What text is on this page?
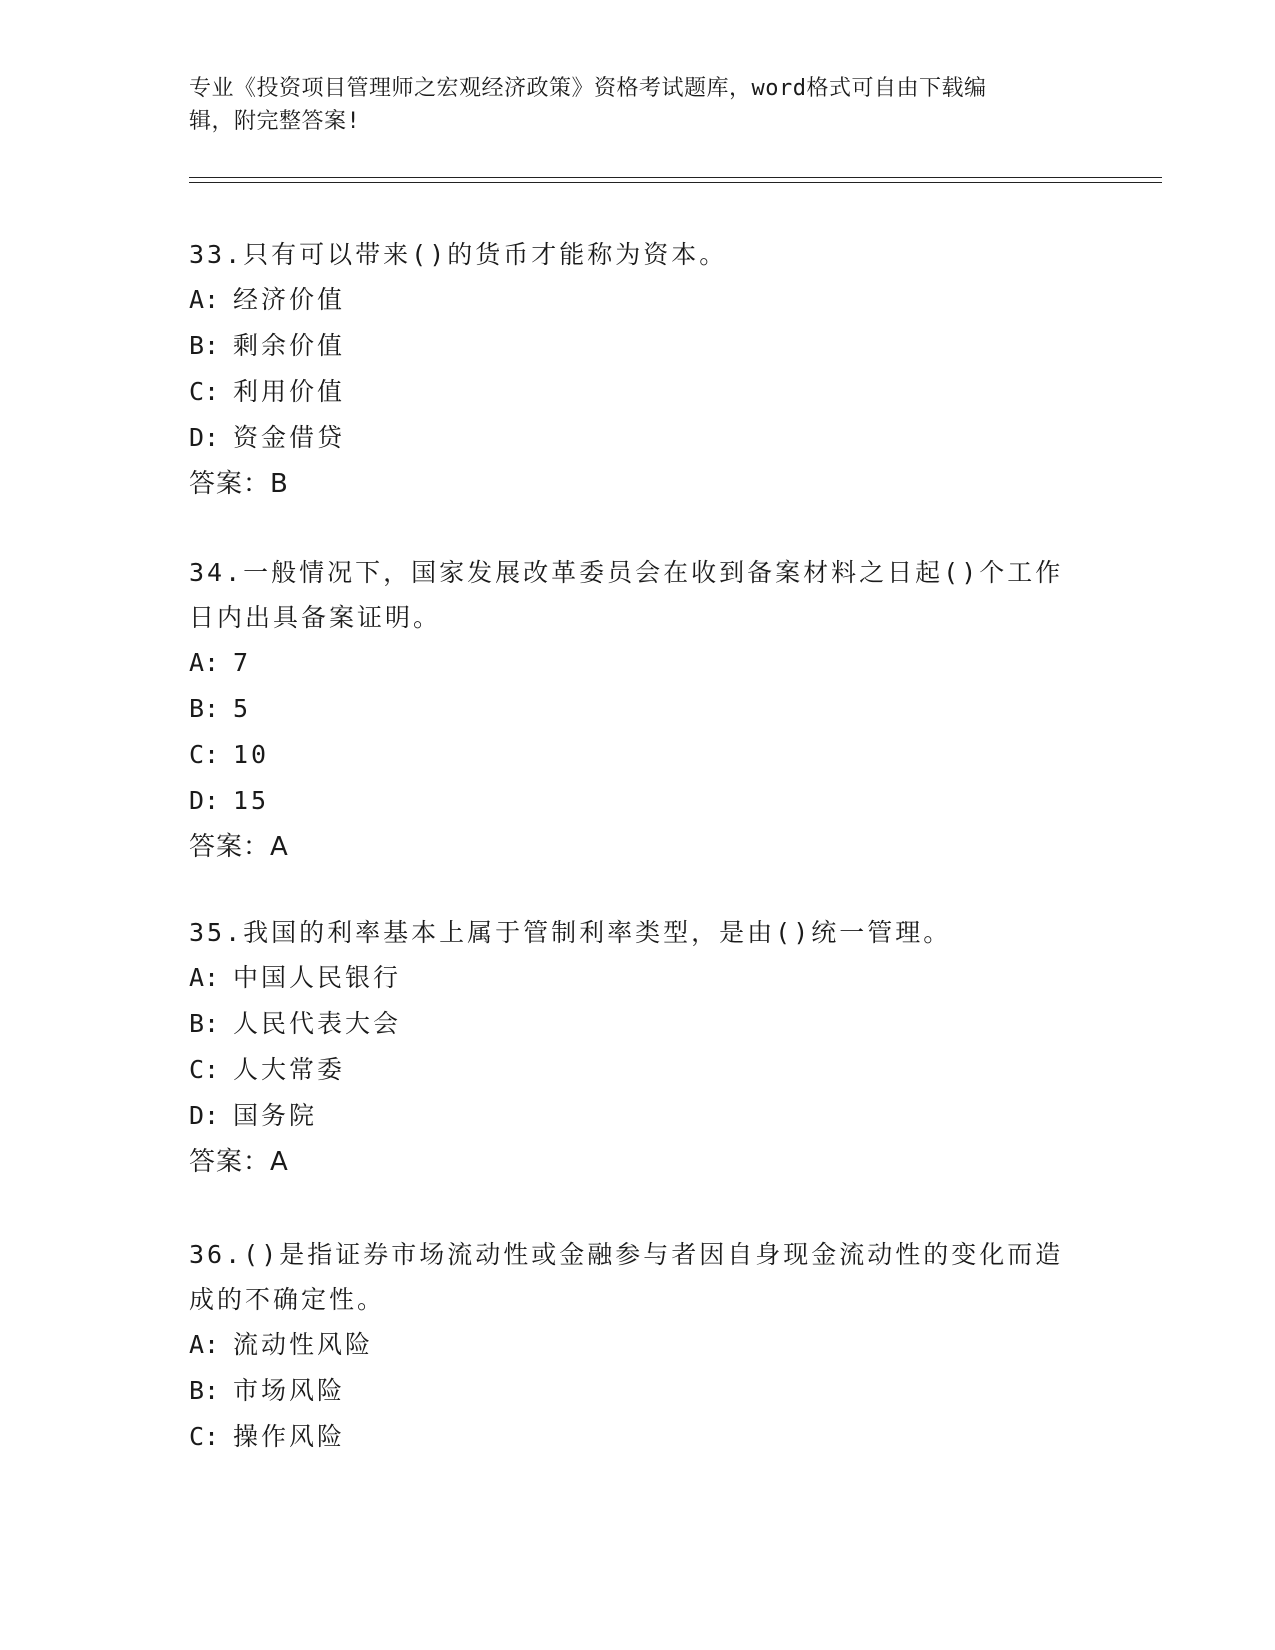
专业《投资项目管理师之宏观经济政策》资格考试题库，word格式可自由下载编
辑，附完整答案!

33.只有可以带来()的货币才能称为资本。

A: 经济价值

B: 剩余价值

C: 利用价值

D: 资金借贷

答案：B

34.一般情况下，国家发展改革委员会在收到备案材料之日起()个工作日内出具备案证明。

A: 7

B: 5

C: 10

D: 15

答案：A

35.我国的利率基本上属于管制利率类型，是由()统一管理。

A: 中国人民银行

B: 人民代表大会

C: 人大常委

D: 国务院

答案：A

36.()是指证券市场流动性或金融参与者因自身现金流动性的变化而造成的不确定性。

A: 流动性风险

B: 市场风险

C: 操作风险
